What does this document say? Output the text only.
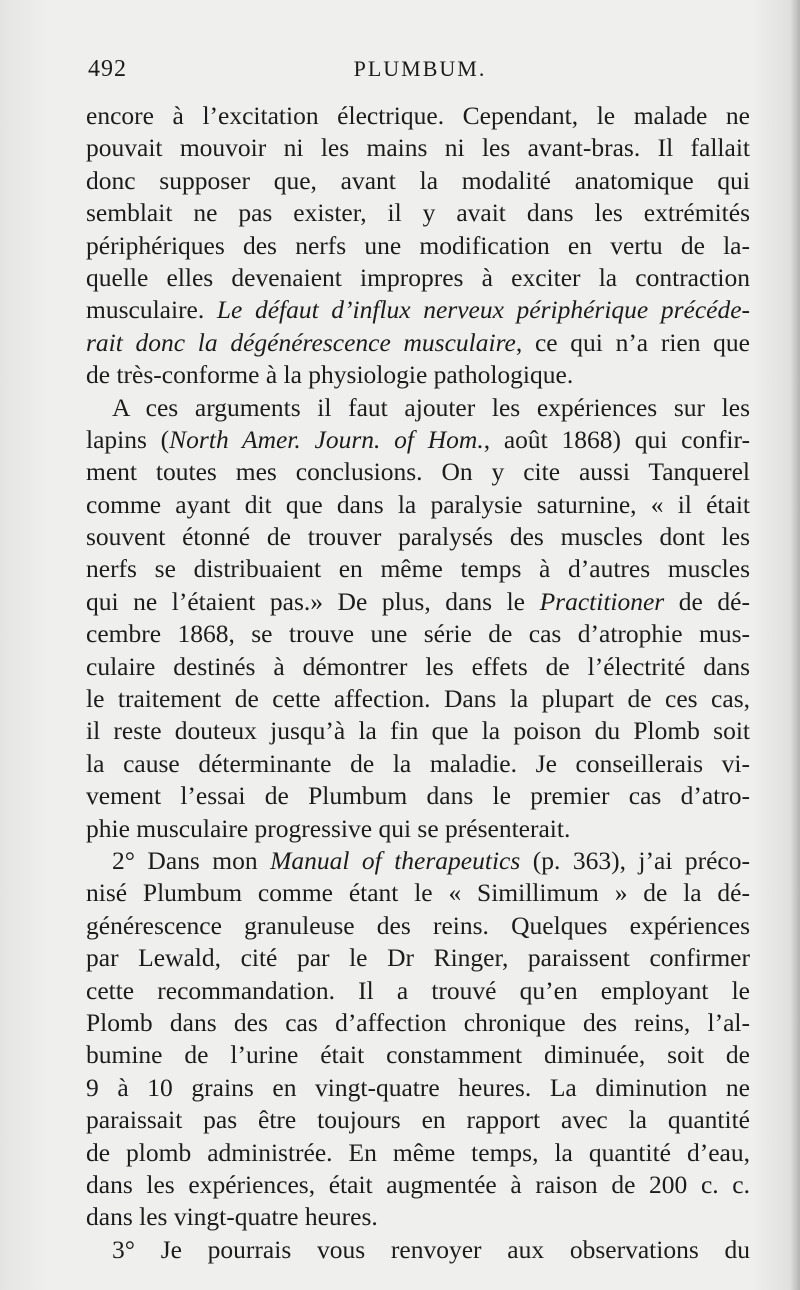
PLUMBUM.
492
encore à l’excitation électrique. Cependant, le malade ne
pouvait mouvoir ni les mains ni les avant-bras. Il fallait
donc supposer que, avant la modalité anatomique qui
semblait ne pas exister, il y avait dans les extrémités
périphériques des nerfs une modification en vertu de la-
quelle elles devenaient impropres à exciter la contraction
musculaire. Le défaut d’influx nerveux périphérique précéde-
rait donc la dégénérescence musculaire, ce qui n’a rien que
de très-conforme à la physiologie pathologique.
A ces arguments il faut ajouter les expériences sur les
lapins (North Amer. Journ. of Hom., août 1868) qui confir-
ment toutes mes conclusions. On y cite aussi Tanquerel
comme ayant dit que dans la paralysie saturnine, « il était
souvent étonné de trouver paralysés des muscles dont les
nerfs se distribuaient en même temps à d’autres muscles
qui ne l’étaient pas.» De plus, dans le Practitioner de dé-
cembre 1868, se trouve une série de cas d’atrophie mus-
culaire destinés à démontrer les effets de l’électrité dans
le traitement de cette affection. Dans la plupart de ces cas,
il reste douteux jusqu’à la fin que la poison du Plomb soit
la cause déterminante de la maladie. Je conseillerais vi-
vement l’essai de Plumbum dans le premier cas d’atro-
phie musculaire progressive qui se présenterait.
2° Dans mon Manual of therapeutics (p. 363), j’ai préco-
nisé Plumbum comme étant le « Simillimum » de la dé-
générescence granuleuse des reins. Quelques expériences
par Lewald, cité par le Dr Ringer, paraissent confirmer
cette recommandation. Il a trouvé qu’en employant le
Plomb dans des cas d’affection chronique des reins, l’al-
bumine de l’urine était constamment diminuée, soit de
9 à 10 grains en vingt-quatre heures. La diminution ne
paraissait pas être toujours en rapport avec la quantité
de plomb administrée. En même temps, la quantité d’eau,
dans les expériences, était augmentée à raison de 200 c. c.
dans les vingt-quatre heures.
3° Je pourrais vous renvoyer aux observations du
